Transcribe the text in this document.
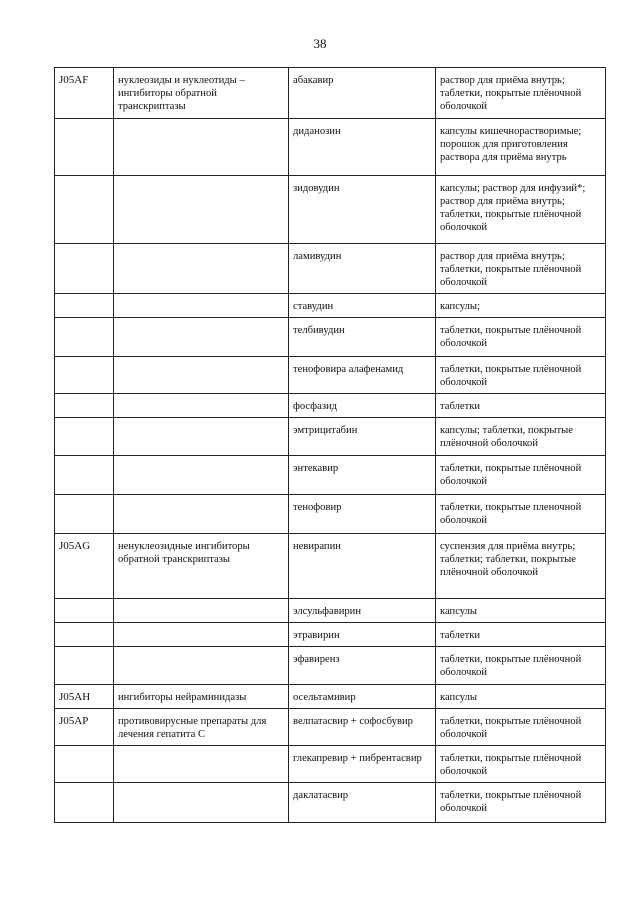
38
J05AF	нуклеозиды и нуклеотиды – ингибиторы обратной транскриптазы	абакавир	раствор для приёма внутрь; таблетки, покрытые плёночной оболочкой
		диданозин	капсулы кишечнорастворимые; порошок для приготовления раствора для приёма внутрь
		зидовудин	капсулы; раствор для инфузий*; раствор для приёма внутрь; таблетки, покрытые плёночной оболочкой
		ламивудин	раствор для приёма внутрь; таблетки, покрытые плёночной оболочкой
		ставудин	капсулы;
		телбивудин	таблетки, покрытые плёночной оболочкой
		тенофовира алафенамид	таблетки, покрытые плёночной оболочкой
		фосфазид	таблетки
		эмтрицитабин	капсулы; таблетки, покрытые плёночной оболочкой
		энтекавир	таблетки, покрытые плёночной оболочкой
		тенофовир	таблетки, покрытые пленочной оболочкой
J05AG	ненуклеозидные ингибиторы обратной транскриптазы	невирапин	суспензия для приёма внутрь; таблетки; таблетки, покрытые плёночной оболочкой
		элсульфавирин	капсулы
		этравирин	таблетки
		эфавиренз	таблетки, покрытые плёночной оболочкой
J05AH	ингибиторы нейраминидазы	осельтамивир	капсулы
J05AP	противовирусные препараты для лечения гепатита С	велпатасвир + софосбувир	таблетки, покрытые плёночной оболочкой
		глекапревир + пибрентасвир	таблетки, покрытые плёночной оболочкой
		даклатасвир	таблетки, покрытые плёночной оболочкой
